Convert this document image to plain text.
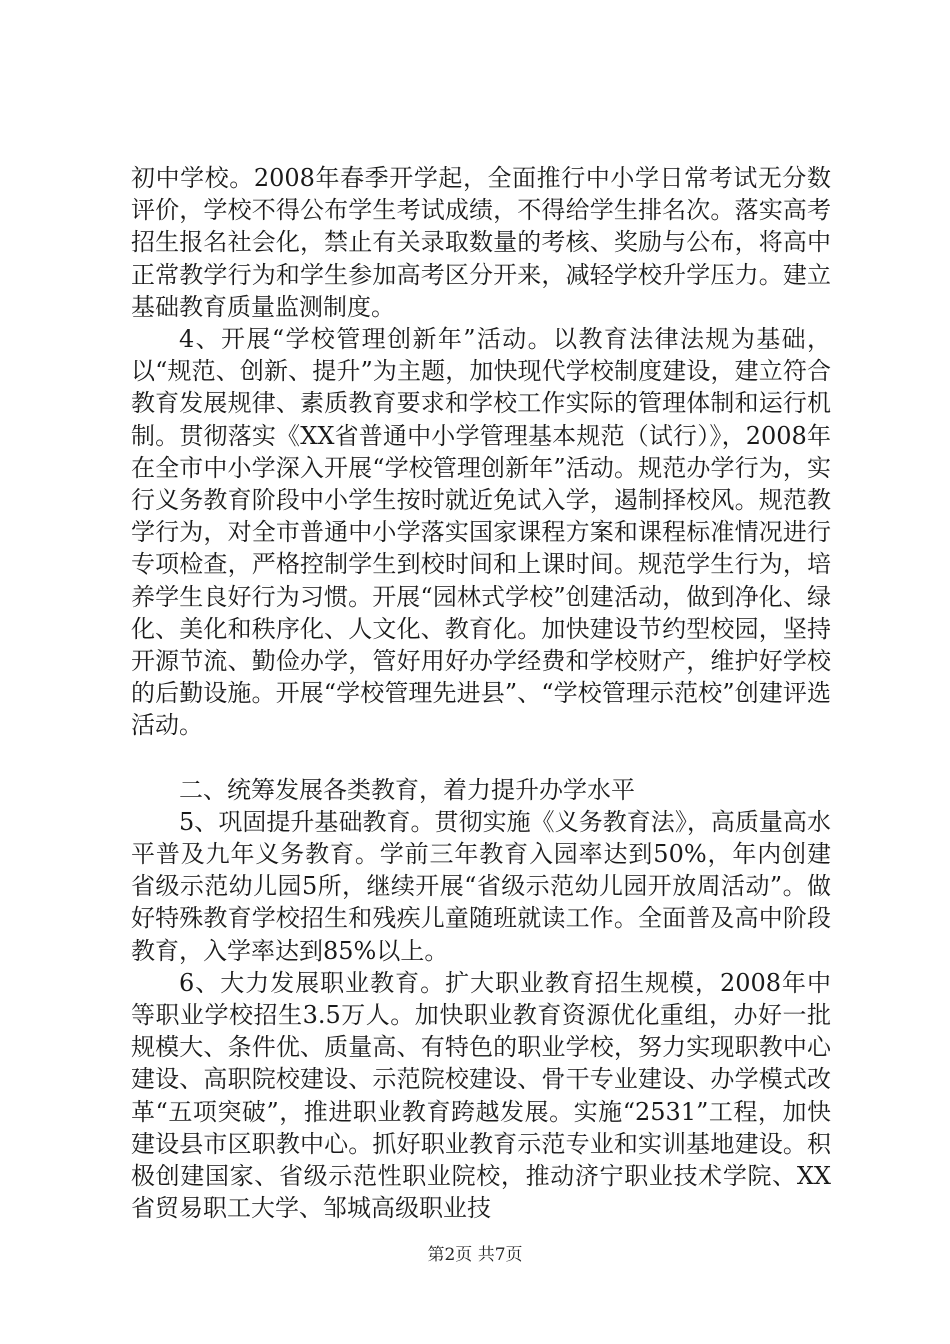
初中学校。2008年春季开学起，全面推行中小学日常考试无分数评价，学校不得公布学生考试成绩，不得给学生排名次。落实高考招生报名社会化，禁止有关录取数量的考核、奖励与公布，将高中正常教学行为和学生参加高考区分开来，减轻学校升学压力。建立基础教育质量监测制度。

4、开展“学校管理创新年”活动。以教育法律法规为基础，以“规范、创新、提升”为主题，加快现代学校制度建设，建立符合教育发展规律、素质教育要求和学校工作实际的管理体制和运行机制。贯彻落实《XX省普通中小学管理基本规范（试行）》，2008年在全市中小学深入开展“学校管理创新年”活动。规范办学行为，实行义务教育阶段中小学生按时就近免试入学，遏制择校风。规范教学行为，对全市普通中小学落实国家课程方案和课程标准情况进行专项检查，严格控制学生到校时间和上课时间。规范学生行为，培养学生良好行为习惯。开展“园林式学校”创建活动，做到净化、绿化、美化和秩序化、人文化、教育化。加快建设节约型校园，坚持开源节流、勤俭办学，管好用好办学经费和学校财产，维护好学校的后勤设施。开展“学校管理先进县”、“学校管理示范校”创建评选活动。

二、统筹发展各类教育，着力提升办学水平

5、巩固提升基础教育。贯彻实施《义务教育法》，高质量高水平普及九年义务教育。学前三年教育入园率达到50%，年内创建省级示范幼儿园5所，继续开展“省级示范幼儿园开放周活动”。做好特殊教育学校招生和残疾儿童随班就读工作。全面普及高中阶段教育，入学率达到85%以上。

6、大力发展职业教育。扩大职业教育招生规模，2008年中等职业学校招生3.5万人。加快职业教育资源优化重组，办好一批规模大、条件优、质量高、有特色的职业学校，努力实现职教中心建设、高职院校建设、示范院校建设、骨干专业建设、办学模式改革“五项突破”，推进职业教育跨越发展。实施“2531”工程，加快建设县市区职教中心。抓好职业教育示范专业和实训基地建设。积极创建国家、省级示范性职业院校，推动济宁职业技术学院、XX省贸易职工大学、邹城高级职业技

第2页 共7页
